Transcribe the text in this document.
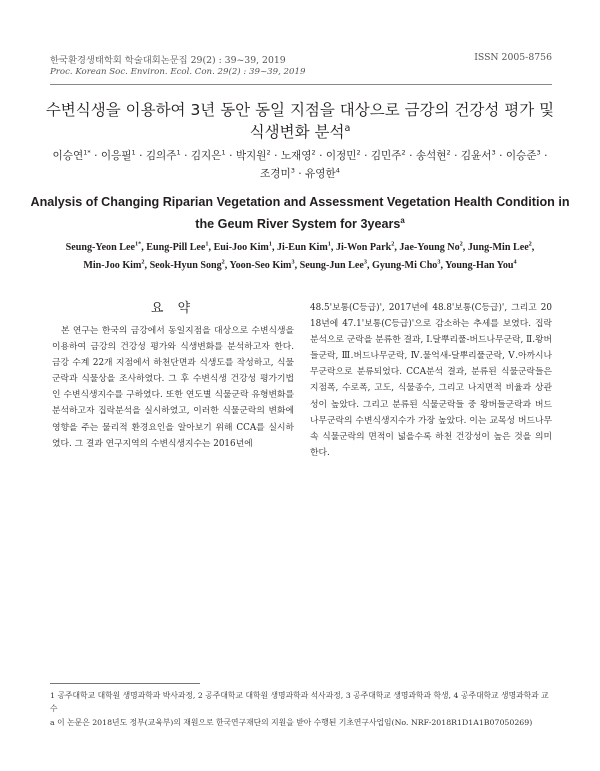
한국환경생태학회 학술대회논문집 29(2) : 39~39, 2019	ISSN 2005-8756
Proc. Korean Soc. Environ. Ecol. Con. 29(2) : 39~39, 2019
수변식생을 이용하여 3년 동안 동일 지점을 대상으로 금강의 건강성 평가 및 식생변화 분석$^a$
이승연$^{1*}$ · 이응필$^1$ · 김의주$^1$ · 김지은$^1$ · 박지원$^2$ · 노재영$^2$ · 이정민$^2$ · 김민주$^2$ · 송석현$^2$ · 김윤서$^3$ · 이승준$^3$ ·
조경미$^3$ · 유영한$^4$
Analysis of Changing Riparian Vegetation and Assessment Vegetation Health Condition in the Geum River System for 3years$^a$
Seung-Yeon Lee$^{1*}$, Eung-Pill Lee$^1$, Eui-Joo Kim$^1$, Ji-Eun Kim$^1$, Ji-Won Park$^2$, Jae-Young No$^2$, Jung-Min Lee$^2$,
Min-Joo Kim$^2$, Seok-Hyun Song$^2$, Yoon-Seo Kim$^3$, Seung-Jun Lee$^3$, Gyung-Mi Cho$^3$, Young-Han You$^4$
요 약
본 연구는 한국의 금강에서 동일지점을 대상으로 수변식생을 이용하여 금강의 건강성 평가와 식생변화를 분석하고자 한다. 금강 수계 22개 지점에서 하천단면과 식생도를 작성하고, 식물군락과 식물상을 조사하였다. 그 후 수변식생 건강성 평가기법인 수변식생지수를 구하였다. 또한 연도별 식물군락 유형변화를 분석하고자 집락분석을 실시하였고, 이러한 식물군락의 변화에 영향을 주는 물리적 환경요인을 알아보기 위해 CCA를 실시하였다. 그 결과 연구지역의 수변식생지수는 2016년에
48.5'보통(C등급)', 2017년에 48.8'보통(C등급)', 그리고 2018년에 47.1'보통(C등급)'으로 감소하는 추세를 보였다. 집락분석으로 군락을 분류한 결과, Ⅰ.달뿌리풀-버드나무군락, Ⅱ.왕버들군락, Ⅲ.버드나무군락, Ⅳ.물억새-달뿌리풀군락, Ⅴ.아까시나무군락으로 분류되었다. CCA분석 결과, 분류된 식물군락들은 지점폭, 수로폭, 고도, 식물종수, 그리고 나지면적 비율과 상관성이 높았다. 그리고 분류된 식물군락들 중 왕버들군락과 버드나무군락의 수변식생지수가 가장 높았다. 이는 교목성 버드나무속 식물군락의 면적이 넓을수록 하천 건강성이 높은 것을 의미한다.
1 공주대학교 대학원 생명과학과 박사과정, 2 공주대학교 대학원 생명과학과 석사과정, 3 공주대학교 생명과학과 학생, 4 공주대학교 생명과학과 교수
a 이 논문은 2018년도 정부(교육부)의 재원으로 한국연구재단의 지원을 받아 수행된 기초연구사업임(No. NRF-2018R1D1A1B07050269)
